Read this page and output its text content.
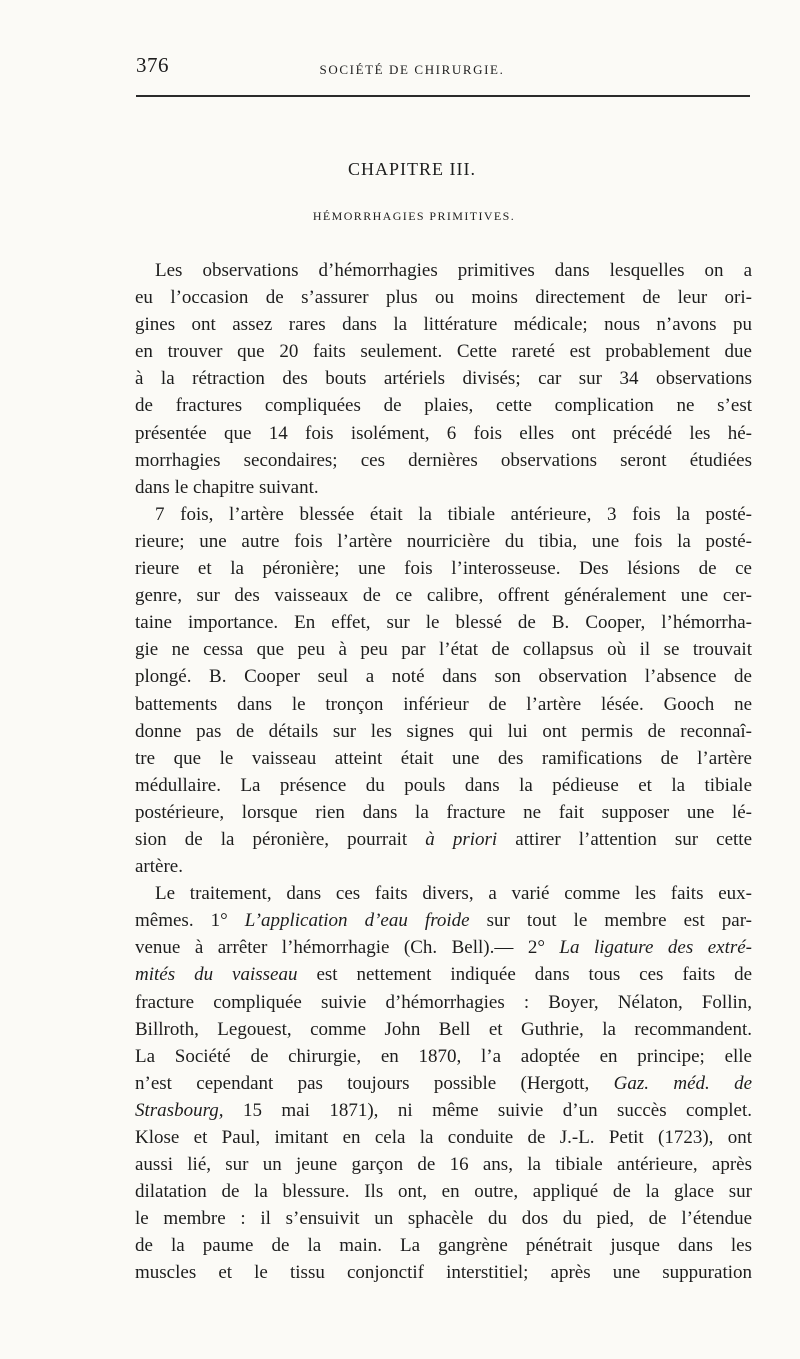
376	SOCIÉTÉ DE CHIRURGIE.
CHAPITRE III.
HÉMORRHAGIES PRIMITIVES.
Les observations d’hémorrhagies primitives dans lesquelles on a
eu l’occasion de s’assurer plus ou moins directement de leur ori-
gines ont assez rares dans la littérature médicale; nous n’avons pu
en trouver que 20 faits seulement. Cette rareté est probablement due
à la rétraction des bouts artériels divisés; car sur 34 observations
de fractures compliquées de plaies, cette complication ne s’est
présentée que 14 fois isolément, 6 fois elles ont précédé les hé-
morrhagies secondaires; ces dernières observations seront étudiées
dans le chapitre suivant.
7 fois, l’artère blessée était la tibiale antérieure, 3 fois la posté-
rieure; une autre fois l’artère nourricière du tibia, une fois la posté-
rieure et la péronière; une fois l’interosseuse. Des lésions de ce
genre, sur des vaisseaux de ce calibre, offrent généralement une cer-
taine importance. En effet, sur le blessé de B. Cooper, l’hémorrha-
gie ne cessa que peu à peu par l’état de collapsus où il se trouvait
plongé. B. Cooper seul a noté dans son observation l’absence de
battements dans le tronçon inférieur de l’artère lésée. Gooch ne
donne pas de détails sur les signes qui lui ont permis de reconnaî-
tre que le vaisseau atteint était une des ramifications de l’artère
médullaire. La présence du pouls dans la pédieuse et la tibiale
postérieure, lorsque rien dans la fracture ne fait supposer une lé-
sion de la péronière, pourrait à priori attirer l’attention sur cette
artère.
Le traitement, dans ces faits divers, a varié comme les faits eux-
mêmes. 1° L’application d’eau froide sur tout le membre est par-
venue à arrêter l’hémorrhagie (Ch. Bell).— 2° La ligature des extré-
mités du vaisseau est nettement indiquée dans tous ces faits de
fracture compliquée suivie d’hémorrhagies : Boyer, Nélaton, Follin,
Billroth, Legouest, comme John Bell et Guthrie, la recommandent.
La Société de chirurgie, en 1870, l’a adoptée en principe; elle
n’est cependant pas toujours possible (Hergott, Gaz. méd. de
Strasbourg, 15 mai 1871), ni même suivie d’un succès complet.
Klose et Paul, imitant en cela la conduite de J.-L. Petit (1723), ont
aussi lié, sur un jeune garçon de 16 ans, la tibiale antérieure, après
dilatation de la blessure. Ils ont, en outre, appliqué de la glace sur
le membre : il s’ensuivit un sphacèle du dos du pied, de l’étendue
de la paume de la main. La gangrène pénétrait jusque dans les
muscles et le tissu conjonctif interstitiel; après une suppuration
